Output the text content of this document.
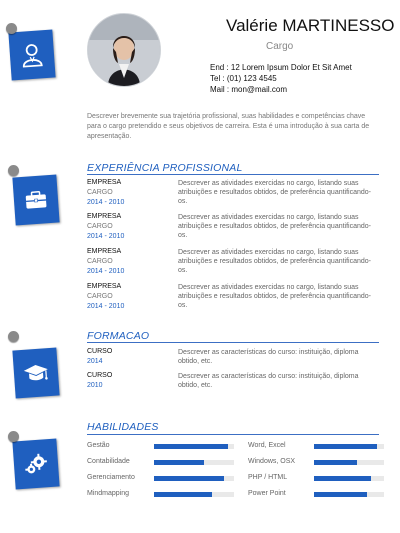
Valérie MARTINESSO
Cargo
End : 12 Lorem Ipsum Dolor Et Sit Amet
Tel : (01) 123 4545
Mail : mon@mail.com
Descrever brevemente sua trajetória profissional, suas habilidades e competências chave para o cargo pretendido e seus objetivos de carreira. Esta é uma introdução à sua carta de apresentação.
EXPERIÊNCIA PROFISSIONAL
EMPRESA
CARGO
2014 - 2010
Descrever as atividades exercidas no cargo, listando suas atribuições e resultados obtidos, de preferência quantificando-os.
EMPRESA
CARGO
2014 - 2010
Descrever as atividades exercidas no cargo, listando suas atribuições e resultados obtidos, de preferência quantificando-os.
EMPRESA
CARGO
2014 - 2010
Descrever as atividades exercidas no cargo, listando suas atribuições e resultados obtidos, de preferência quantificando-os.
EMPRESA
CARGO
2014 - 2010
Descrever as atividades exercidas no cargo, listando suas atribuições e resultados obtidos, de preferência quantificando-os.
FORMACAO
CURSO
2014
Descrever as características do curso: instituição, diploma obtido, etc.
CURSO
2010
Descrever as características do curso: instituição, diploma obtido, etc.
HABILIDADES
Gestão
Contabilidade
Gerenciamento
Mindmapping
Word, Excel
Windows, OSX
PHP / HTML
Power Point
